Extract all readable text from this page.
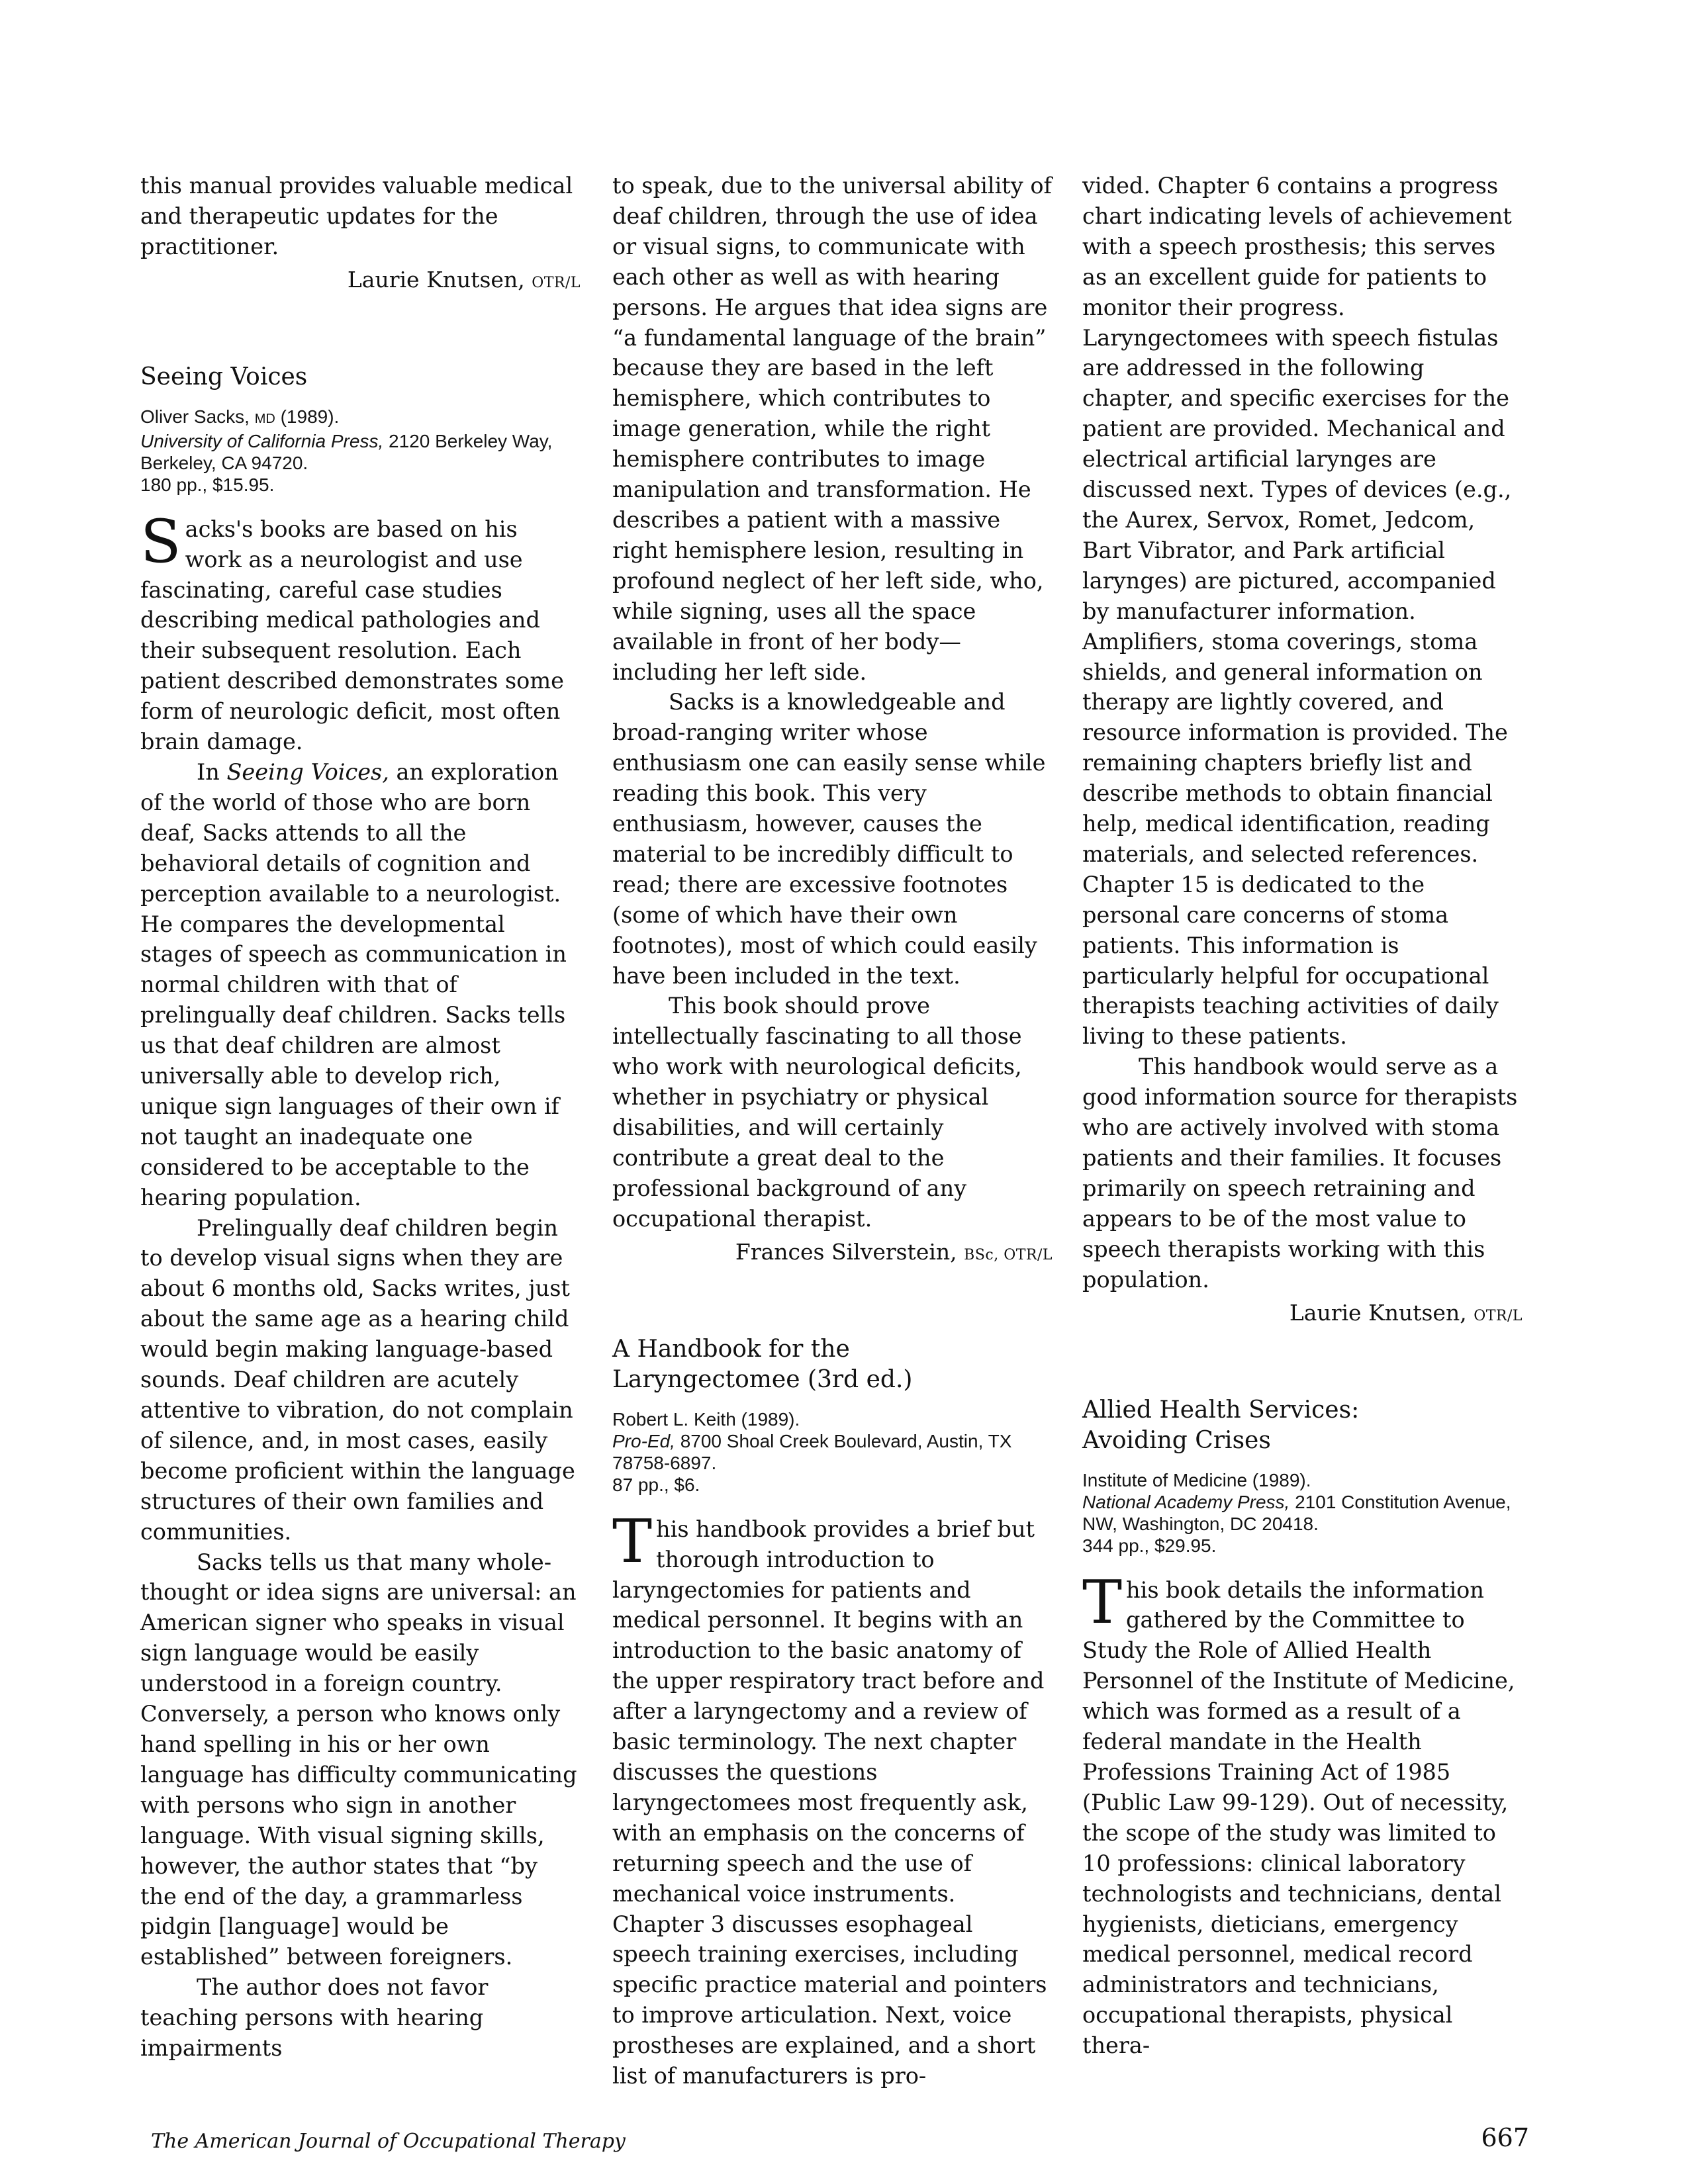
this manual provides valuable medical and therapeutic updates for the practitioner.

Laurie Knutsen, OTR/L

Seeing Voices
Oliver Sacks, MD (1989).
University of California Press, 2120 Berkeley Way, Berkeley, CA 94720.
180 pp., $15.95.

Sacks's books are based on his work as a neurologist and use fascinating, careful case studies describing medical pathologies and their subsequent resolution. Each patient described demonstrates some form of neurologic deficit, most often brain damage.

In Seeing Voices, an exploration of the world of those who are born deaf, Sacks attends to all the behavioral details of cognition and perception available to a neurologist. He compares the developmental stages of speech as communication in normal children with that of prelingually deaf children. Sacks tells us that deaf children are almost universally able to develop rich, unique sign languages of their own if not taught an inadequate one considered to be acceptable to the hearing population.

Prelingually deaf children begin to develop visual signs when they are about 6 months old, Sacks writes, just about the same age as a hearing child would begin making language-based sounds. Deaf children are acutely attentive to vibration, do not complain of silence, and, in most cases, easily become proficient within the language structures of their own families and communities.

Sacks tells us that many whole-thought or idea signs are universal: an American signer who speaks in visual sign language would be easily understood in a foreign country. Conversely, a person who knows only hand spelling in his or her own language has difficulty communicating with persons who sign in another language. With visual signing skills, however, the author states that “by the end of the day, a grammarless pidgin [language] would be established” between foreigners.

The author does not favor teaching persons with hearing impairments

to speak, due to the universal ability of deaf children, through the use of idea or visual signs, to communicate with each other as well as with hearing persons. He argues that idea signs are “a fundamental language of the brain” because they are based in the left hemisphere, which contributes to image generation, while the right hemisphere contributes to image manipulation and transformation. He describes a patient with a massive right hemisphere lesion, resulting in profound neglect of her left side, who, while signing, uses all the space available in front of her body—including her left side.

Sacks is a knowledgeable and broad-ranging writer whose enthusiasm one can easily sense while reading this book. This very enthusiasm, however, causes the material to be incredibly difficult to read; there are excessive footnotes (some of which have their own footnotes), most of which could easily have been included in the text.

This book should prove intellectually fascinating to all those who work with neurological deficits, whether in psychiatry or physical disabilities, and will certainly contribute a great deal to the professional background of any occupational therapist.

Frances Silverstein, BSc, OTR/L

A Handbook for the
Laryngectomee (3rd ed.)
Robert L. Keith (1989).
Pro-Ed, 8700 Shoal Creek Boulevard, Austin, TX 78758-6897.
87 pp., $6.

This handbook provides a brief but thorough introduction to laryngectomies for patients and medical personnel. It begins with an introduction to the basic anatomy of the upper respiratory tract before and after a laryngectomy and a review of basic terminology. The next chapter discusses the questions laryngectomees most frequently ask, with an emphasis on the concerns of returning speech and the use of mechanical voice instruments. Chapter 3 discusses esophageal speech training exercises, including specific practice material and pointers to improve articulation. Next, voice prostheses are explained, and a short list of manufacturers is pro-

vided. Chapter 6 contains a progress chart indicating levels of achievement with a speech prosthesis; this serves as an excellent guide for patients to monitor their progress. Laryngectomees with speech fistulas are addressed in the following chapter, and specific exercises for the patient are provided. Mechanical and electrical artificial larynges are discussed next. Types of devices (e.g., the Aurex, Servox, Romet, Jedcom, Bart Vibrator, and Park artificial larynges) are pictured, accompanied by manufacturer information. Amplifiers, stoma coverings, stoma shields, and general information on therapy are lightly covered, and resource information is provided. The remaining chapters briefly list and describe methods to obtain financial help, medical identification, reading materials, and selected references. Chapter 15 is dedicated to the personal care concerns of stoma patients. This information is particularly helpful for occupational therapists teaching activities of daily living to these patients.

This handbook would serve as a good information source for therapists who are actively involved with stoma patients and their families. It focuses primarily on speech retraining and appears to be of the most value to speech therapists working with this population.

Laurie Knutsen, OTR/L

Allied Health Services:
Avoiding Crises
Institute of Medicine (1989).
National Academy Press, 2101 Constitution Avenue, NW, Washington, DC 20418.
344 pp., $29.95.

This book details the information gathered by the Committee to Study the Role of Allied Health Personnel of the Institute of Medicine, which was formed as a result of a federal mandate in the Health Professions Training Act of 1985 (Public Law 99-129). Out of necessity, the scope of the study was limited to 10 professions: clinical laboratory technologists and technicians, dental hygienists, dieticians, emergency medical personnel, medical record administrators and technicians, occupational therapists, physical thera-

The American Journal of Occupational Therapy	667
